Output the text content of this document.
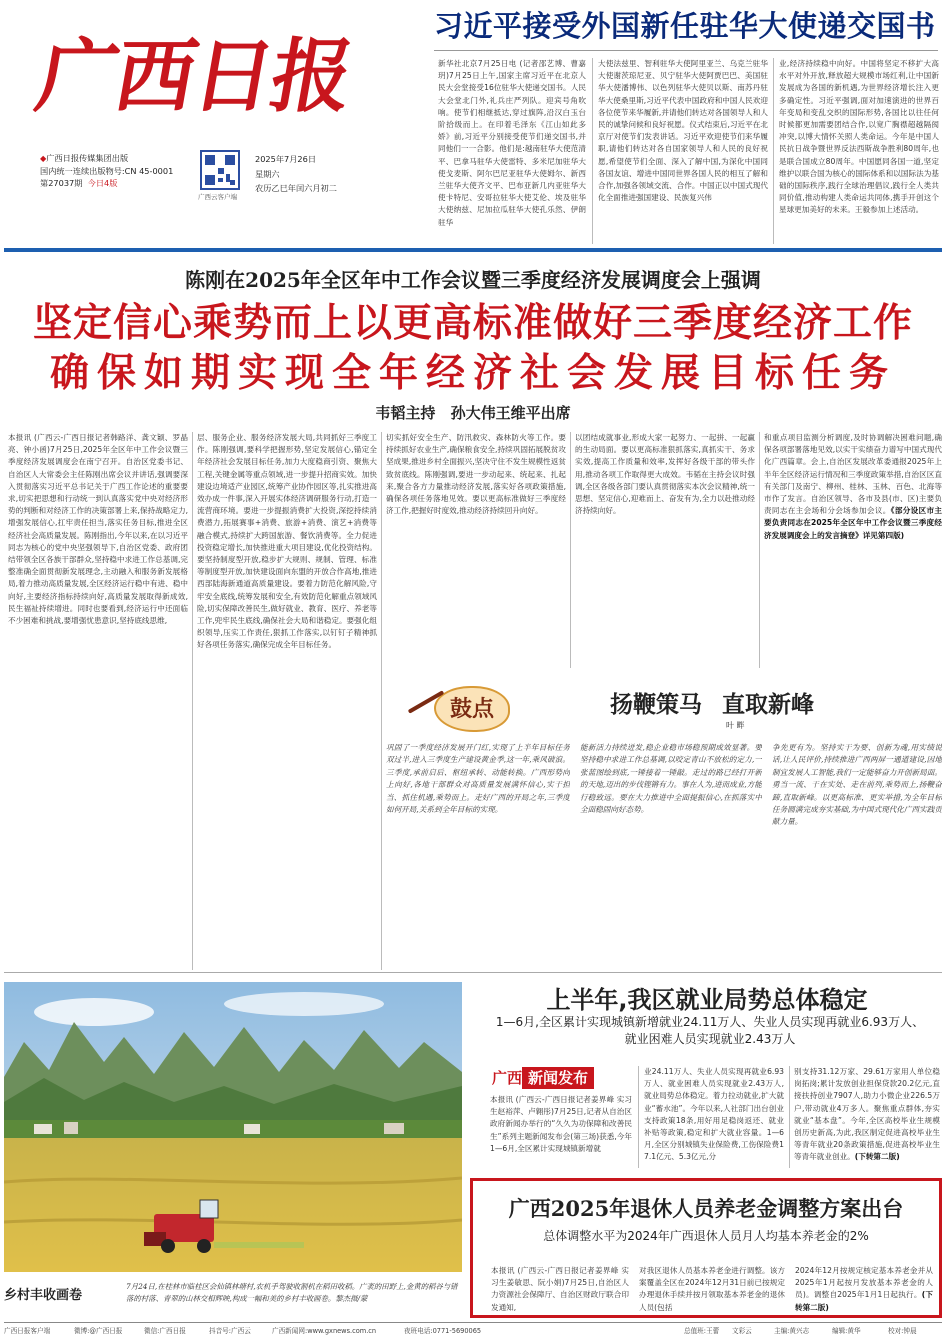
广西日报
◆广西日报传媒集团出版
国内统一连续出版物号:CN 45-0001
第27037期 今日4版
广西云客户端
2025年7月26日
星期六
农历乙巳年闰六月初二
习近平接受外国新任驻华大使递交国书
新华社北京7月25日电 (记者邵艺博、曹嘉玥)7月25日上午,国家主席习近平在北京人民大会堂接受16位驻华大使递交国书。人民大会堂北门外,礼兵庄严列队。迎宾号角吹响。使节们相继抵达,穿过旗阵,沿汉白玉台阶拾级而上。在印着毛泽东《江山如此多娇》前,习近平分别接受使节们递交国书,并同他们一一合影。他们是:越南驻华大使范清平、巴拿马驻华大使雷特、多米尼加驻华大使戈麦斯、阿尔巴尼亚驻华大使姆尔、新西兰驻华大使齐文平、巴布亚新几内亚驻华大使卡特尼、安哥拉驻华大使艾伦、埃及驻华大使纳兹、尼加拉瓜驻华大使孔乐然、伊朗驻华
大使法兹里、智利驻华大使阿里亚兰、乌克兰驻华大使谢茨琼尼亚、贝宁驻华大使阿贾巴巴、美国驻华大使潘博伟、以色列驻华大使贝以斯、南苏丹驻华大使桑里斯,习近平代表中国政府和中国人民欢迎各位使节来华履新,并请他们转达对各国领导人和人民的诚挚问候和良好祝愿。仪式结束后,习近平在北京厅对使节们发表讲话。习近平欢迎使节们来华履职,请他们转达对各自国家领导人和人民的良好祝愿,希望使节们全面、深入了解中国,为深化中国同各国友谊、增进中国同世界各国人民的相互了解和合作,加强各领域交流、合作。中国正以中国式现代化全面推进强国建设、民族复兴伟
业,经济持续稳中向好。中国将坚定不移扩大高水平对外开放,释放超大规模市场红利,让中国新发展成为各国的新机遇,为世界经济增长注入更多确定性。习近平强调,面对加速演进的世界百年变局和变乱交织的国际形势,各国比以往任何时候都更加需要团结合作,以宽广胸襟超越隔阂冲突,以博大情怀关照人类命运。今年是中国人民抗日战争暨世界反法西斯战争胜利80周年,也是联合国成立80周年。中国愿同各国一道,坚定维护以联合国为核心的国际体系和以国际法为基础的国际秩序,践行全球治理倡议,践行全人类共同价值,推动构建人类命运共同体,携手开创这个星球更加美好的未来。王毅参加上述活动。
陈刚在2025年全区年中工作会议暨三季度经济发展调度会上强调
坚定信心乘势而上以更高标准做好三季度经济工作
确保如期实现全年经济社会发展目标任务
韦韬主持 孙大伟王维平出席
本报讯 (广西云-广西日报记者韩路洋、龚文颖、罗晶亮、钟小函)7月25日,2025年全区年中工作会议暨三季度经济发展调度会在南宁召开。自治区党委书记、自治区人大常委会主任陈刚出席会议并讲话,强调要深入贯彻落实习近平总书记关于广西工作论述的重要要求,切实把思想和行动统一到认真落实党中央对经济形势的判断和对经济工作的决策部署上来,保持战略定力,增强发展信心,扛牢责任担当,落实任务目标,推进全区经济社会高质量发展。陈刚指出,今年以来,在以习近平同志为核心的党中央坚强领导下,自治区党委、政府团结带领全区各族干部群众,坚持稳中求进工作总基调,完整准确全面贯彻新发展理念,主动融入和服务新发展格局,着力推动高质量发展,全区经济运行稳中有进、稳中向好,主要经济指标持续向好,高质量发展取得新成效,民生福祉持续增进。同时也要看到,经济运行中还面临不少困难和挑战,要增强忧患意识,坚持底线思维,
层、服务企业、服务经济发展大局,共同抓好三季度工作。陈刚强调,要科学把握形势,坚定发展信心,锚定全年经济社会发展目标任务,加力大度稳商引资、聚焦大工程,关键金属等重点领域,进一步提升招商实效。加快建设边境适产业园区,统筹产业协作园区等,扎实推进高效办成一件事,深入开展实体经济调研服务行动,打造一流营商环境。要进一步提振消费扩大投资,深挖持续消费潜力,拓展赛事+消费、旅游+消费、演艺+消费等融合模式,持续扩大跨国旅游、餐饮消费等。全力促进投资稳定增长,加快推进重大项目建设,优化投资结构。要坚持制度型开放,稳步扩大规则、规制、管理、标准等制度型开放,加快建设面向东盟的开放合作高地,推进西部陆海新通道高质量建设。要着力防范化解风险,守牢安全底线,统筹发展和安全,有效防范化解重点领域风险,切实保障改善民生,做好就业、教育、医疗、养老等工作,兜牢民生底线,确保社会大局和谐稳定。要强化组织领导,压实工作责任,狠抓工作落实,以钉钉子精神抓好各项任务落实,确保完成全年目标任务。
切实抓好安全生产、防汛救灾、森林防火等工作。要持续抓好农业生产,确保粮食安全,持续巩固拓展脱贫攻坚成果,推进乡村全面振兴,坚决守住不发生规模性返贫致贫底线。陈刚强调,要进一步动起来、统起来、扎起来,聚合各方力量推动经济发展,落实好各项政策措施,确保各项任务落地见效。要以更高标准做好三季度经济工作,把握好时度效,推动经济持续回升向好。
以团结成就事业,形成大家一起努力、一起拼、一起赢的生动局面。要以更高标准狠抓落实,真抓实干、务求实效,提高工作质量和效率,发挥好各级干部的带头作用,推动各项工作取得更大成效。韦韬在主持会议时强调,全区各级各部门要认真贯彻落实本次会议精神,统一思想、坚定信心,迎难而上、奋发有为,全力以赴推动经济持续向好。
和重点项目监测分析调度,及时协调解决困难问题,确保各项部署落地见效,以实干实绩奋力谱写中国式现代化广西篇章。会上,自治区发展改革委通报2025年上半年全区经济运行情况和三季度政策举措,自治区区直有关部门及南宁、柳州、桂林、玉林、百色、北海等市作了发言。自治区领导、各市及县(市、区)主要负责同志在主会场和分会场参加会议。《部分设区市主要负责同志在2025年全区年中工作会议暨三季度经济发展调度会上的发言摘登》详见第四版)
鼓点	扬鞭策马 直取新峰
叶 畔
巩固了一季度经济发展开门红,实现了上半年目标任务双过半,进入三季度生产建设黄金季,这一年,乘风破浪。三季度,承前启后、枢纽承转、动能转换。广西形势向上向好,各地干部群众对高质量发展满怀信心,实干担当、抓住机遇,乘势而上。走好广西的开局之年,三季度如何开局,关系到全年目标的实现。
能新活力持续迸发,稳企业稳市场稳预期成效显著。要坚持稳中求进工作总基调,以咬定青山不放松的定力,一张蓝图绘到底,一锤接着一锤敲。走过的路已经打开新的天地,迈出的步伐铿锵有力。事在人为,进而成业,方能行稳致远。要在大力推进中全面提振信心,在抓落实中全面稳固向好态势。
争先更有为。坚持实干为要、创新为魂,用实绩说话,让人民评价,持续推进广西两屏一通道建设,因地制宜发展人工智能,我们一定能够奋力开创新局面。勇当一流、干在实处、走在前列,乘势而上,扬鞭奋蹄,直取新峰。以更高标准、更实举措,为全年目标任务圆满完成夯实基础,为中国式现代化广西实践贡献力量。
乡村丰收画卷
7月24日,在桂林市临桂区会仙镇林塘村,农机手驾驶收割机在稻田收稻。广袤的田野上,金黄的稻谷与错落的村落、青翠的山林交相辉映,构成一幅和美的乡村丰收画卷。黎杰摄/蒙
上半年,我区就业局势总体稳定
1—6月,全区累计实现城镇新增就业24.11万人、失业人员实现再就业6.93万人、就业困难人员实现就业2.43万人
广西 新闻发布
本报讯 (广西云-广西日报记者姜界峰 实习生赵裕萍、卢翱彤)7月25日,记者从自治区政府新闻办举行的“久久为功保障和改善民生”系列主题新闻发布会(第三场)获悉,今年1—6月,全区累计实现城镇新增就
业24.11万人、失业人员实现再就业6.93万人、就业困难人员实现就业2.43万人,就业局势总体稳定。着力拉动就业,扩大就业“蓄水池”。今年以来,人社部门出台创业支持政策18条,用好用足稳岗返还、就业补贴等政策,稳定和扩大就业容量。1—6月,全区分别城镇失业保险费,工伤保险费17.1亿元、5.3亿元,分
别支持31.12万家、29.61万家用人单位稳岗拓岗;累计发放创业担保贷款20.2亿元,直接扶持创业7907人,助力小微企业226.5万户,带动就业4万多人。聚焦重点群体,夯实就业“基本盘”。今年,全区高校毕业生规模创历史新高,为此,我区制定促进高校毕业生等青年就业20条政策措施,促进高校毕业生等青年就业创业。(下转第二版)
广西2025年退休人员养老金调整方案出台
总体调整水平为2024年广西退休人员月人均基本养老金的2%
本报讯 (广西云-广西日报记者姜界峰 实习生姜敏思、阮小娟)7月25日,自治区人力资源社会保障厅、自治区财政厅联合印发通知,
对我区退休人员基本养老金进行调整。该方案覆盖全区在2024年12月31日前已按规定办理退休手续并按月领取基本养老金的退休人员(包括
2024年12月按规定核定基本养老金并从2025年1月起按月发放基本养老金的人员)。调整自2025年1月1日起执行。(下转第二版)
广西日报客户端	微博:@广西日报	微信:广西日报	抖音号:广西云	广西新闻网:www.gxnews.com.cn	夜班电话:0771-5690065	总值班:王蕾 文彩云	主编:黄兴志	编辑:黄华	校对:钟晨
